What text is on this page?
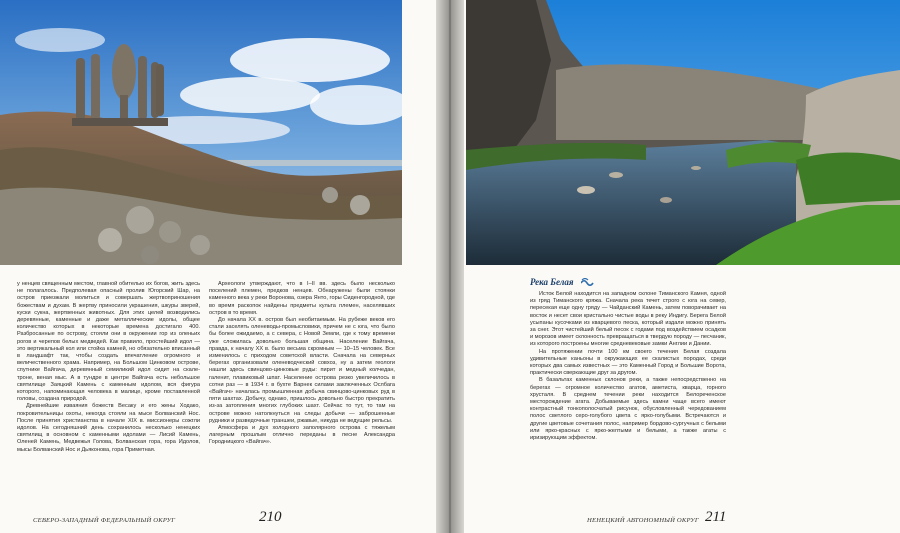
у ненцев священным местом, главной обителью их богов, жить здесь не полагалось. Предполевая опасный пролив Югорский Шар, на остров приезжали молиться и совершать жертвоприношения божествам и духам. В жертву приносили украшения, шкуры зверей, куски сукна, жертвенных животных. Для этих целей возводились деревянные, каменные и даже металлические идолы, общее количество которых в некоторые времена достигало 400. Разбросанные по острову, стояли они в окружении гор из оленьих рогов и черепов белых медведей. Как правило, простейший идол — это вертикальный кол или стойка камней, но обязательно вписанный в ландшафт так, чтобы создать впечатление огромного и величественного храма. Например, на Большом Цинковом острове, спутнике Вайгача, деревянный семиликий идол сидит на скале-троне, веная мыс. А в тундре в центре Вайгача есть небольшое святилище Заяцкий Камень с каменным идолом, вся фигура которого, напоминающая человека в малице, кроме поставленной головы, создана природой.

Древнейшие изваяния божеств Весаку и его жены Ходако, покровительницы охоты, некогда стояли на мысе Болванский Нос. После принятия христианства в начале XIX в. миссионеры сожгли идолов. На сегодняшний день сохранилось несколько ненецких святилищ в основном с каменными идолами — Лисий Камень, Оленей Камень, Медвежья Голова, Болванская гора, гора Идолов, мысы Болванский Нос и Дьяконова, гора Приметная.

Археологи утверждают, что в I–II вв. здесь было несколько поселений племен, предков ненцев. Обнаружены были стоянки каменного века у реки Воронова, озера Янто, горы Сиденгородной, где во время раскопок найдены предметы культа племен, населявших остров в то время.

До начала XX в. остров был необитаемым. На рубеже веков его стали заселять оленеводы-промысловики, причем не с юга, что было бы более ожидаемо, а с севера, с Новой Земли, где к тому времени уже сложилась довольно большая община. Население Вайгача, правда, к началу XX в. было весьма скромным — 10–15 человек. Все изменилось с приходом советской власти. Сначала на северных берегах организовали оленеводческий совхоз, ну а затем геологи нашли здесь свинцово-цинковые руды: пирит и медный колчедан, галенит, плавиковый шпат. Население острова резко увеличилось в сотни раз — в 1934 г. в бухте Варнек силами заключенных Ослбага «Вайгач» началась промышленная добыча свинцово-цинковых руд в пяти шахтах. Добычу, однако, пришлось довольно быстро прекратить из-за затопления многих глубоких шахт. Сейчас то тут, то там на острове можно натолкнуться на следы добычи — заброшенные рудники и разведочные траншеи, ржавые, никуда не ведущие рельсы.

Атмосфера и дух холодного заполярного острова с тяжелым лагерным прошлым отлично переданы в песне Александра Городницкого «Вайгач».

СЕВЕРО-ЗАПАДНЫЙ ФЕДЕРАЛЬНЫЙ ОКРУГ	210
Река Белая

Исток Белой находится на западном склоне Тиманского Камня, одной из гряд Тиманского кряжа. Сначала река течет строго с юга на север, пересекая еще одну гряду — Чайданский Камень, затем поворачивает на восток и несет свои кристально чистые воды в реку Индигу. Берега Белой усыпаны кусочками из кварцевого песка, который издали можно принять за снег. Этот чистейший белый песок с годами под воздействием осадков и морозов имеет склонность превращаться в твердую породу — песчаник, из которого построены многие средневековые замки Англии и Дании.

На протяжении почти 100 км своего течения Белая создала удивительные каньоны в окружающих ее скалистых породах, среди которых два самых известных — это Каменный Город и Большие Ворота, практически сверкающие друг за другом.

В базальтах каменных склонов реки, а также непосредственно на берегах — огромное количество агатов, аметиста, кварца, горного хрусталя. В среднем течении реки находится Белореченское месторождение агата. Добываемые здесь камни чаще всего имеют контрастный тонкополосчатый рисунок, обусловленный чередованием полос светлого серо-голубого цвета с ярко-голубыми. Встречаются и другие цветовые сочетания полос, например бордово-сургучных с белыми или ярко-красных с ярко-желтыми и белыми, а также агаты с иризирующим эффектом.

НЕНЕЦКИЙ АВТОНОМНЫЙ ОКРУГ 211
